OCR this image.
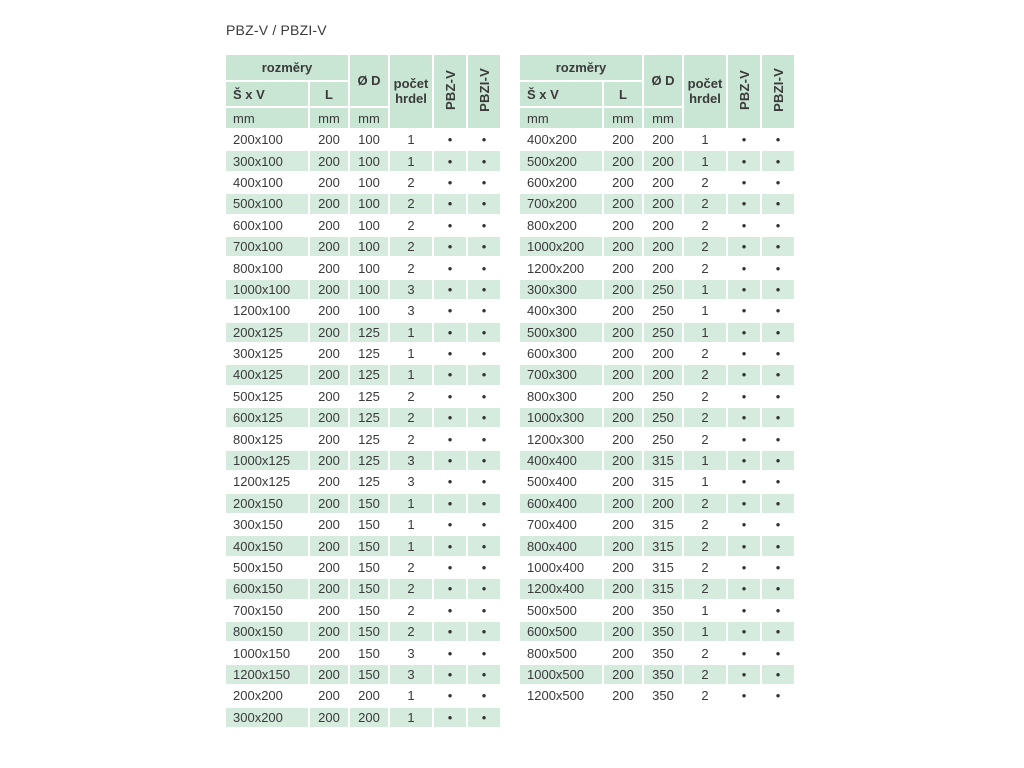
PBZ-V / PBZI-V
rozměry		Ø D	počet
hrdel	PBZ-V	PBZI-V
Š x V	L				
mm	mm	mm			
200x100	200	100	1	•	•
300x100	200	100	1	•	•
400x100	200	100	2	•	•
500x100	200	100	2	•	•
600x100	200	100	2	•	•
700x100	200	100	2	•	•
800x100	200	100	2	•	•
1000x100	200	100	3	•	•
1200x100	200	100	3	•	•
200x125	200	125	1	•	•
300x125	200	125	1	•	•
400x125	200	125	1	•	•
500x125	200	125	2	•	•
600x125	200	125	2	•	•
800x125	200	125	2	•	•
1000x125	200	125	3	•	•
1200x125	200	125	3	•	•
200x150	200	150	1	•	•
300x150	200	150	1	•	•
400x150	200	150	1	•	•
500x150	200	150	2	•	•
600x150	200	150	2	•	•
700x150	200	150	2	•	•
800x150	200	150	2	•	•
1000x150	200	150	3	•	•
1200x150	200	150	3	•	•
200x200	200	200	1	•	•
300x200	200	200	1	•	•
rozměry		Ø D	počet
hrdel	PBZ-V	PBZI-V
Š x V	L				
mm	mm	mm			
400x200	200	200	1	•	•
500x200	200	200	1	•	•
600x200	200	200	2	•	•
700x200	200	200	2	•	•
800x200	200	200	2	•	•
1000x200	200	200	2	•	•
1200x200	200	200	2	•	•
300x300	200	250	1	•	•
400x300	200	250	1	•	•
500x300	200	250	1	•	•
600x300	200	200	2	•	•
700x300	200	200	2	•	•
800x300	200	250	2	•	•
1000x300	200	250	2	•	•
1200x300	200	250	2	•	•
400x400	200	315	1	•	•
500x400	200	315	1	•	•
600x400	200	200	2	•	•
700x400	200	315	2	•	•
800x400	200	315	2	•	•
1000x400	200	315	2	•	•
1200x400	200	315	2	•	•
500x500	200	350	1	•	•
600x500	200	350	1	•	•
800x500	200	350	2	•	•
1000x500	200	350	2	•	•
1200x500	200	350	2	•	•
